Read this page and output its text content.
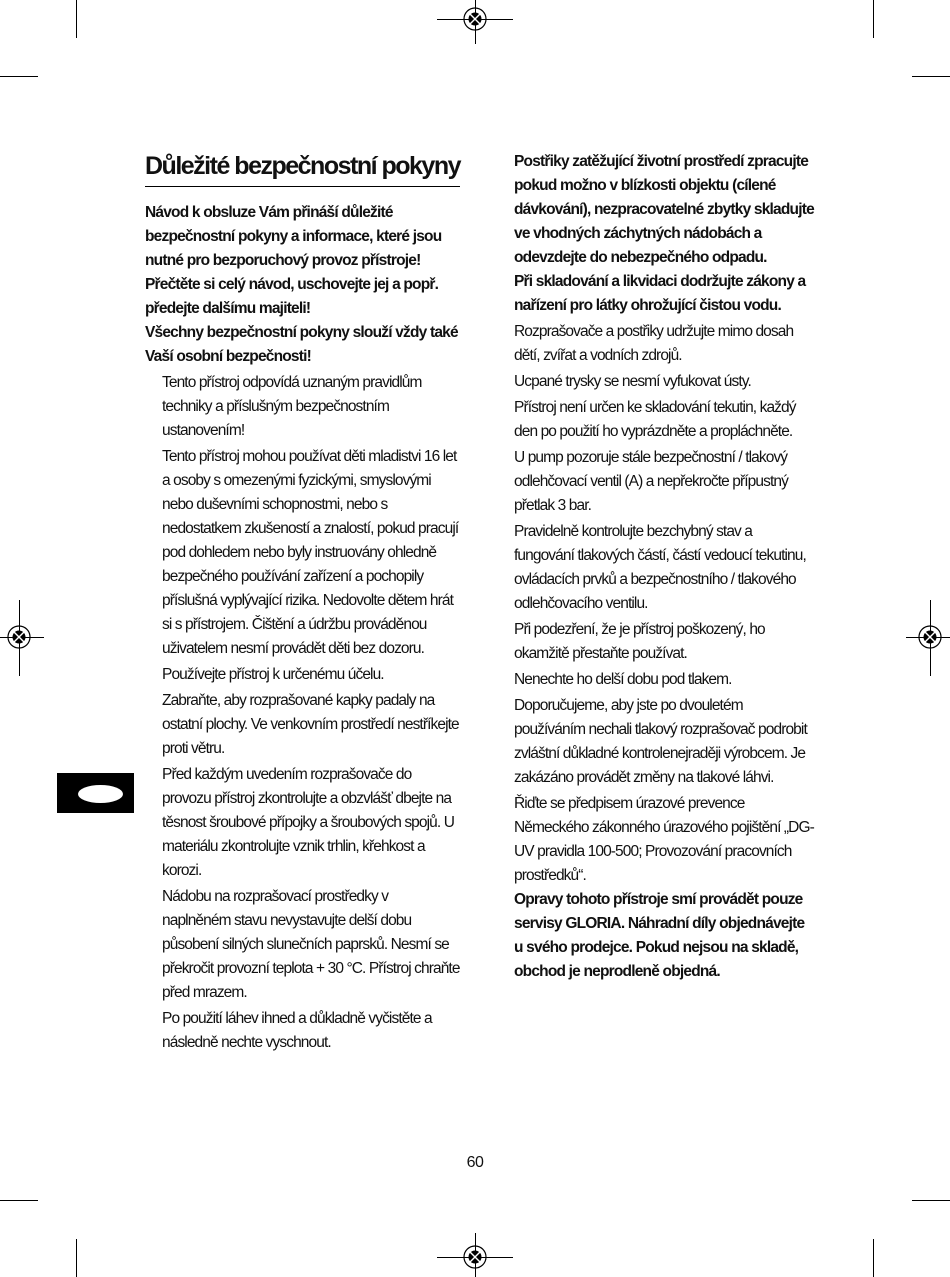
Důležité bezpečnostní pokyny

Návod k obsluze Vám přináší důležité bezpečnostní pokyny a informace, které jsou nutné pro bezporuchový provoz přístroje!

Přečtěte si celý návod, uschovejte jej a popř. předejte dalšímu majiteli!

Všechny bezpečnostní pokyny slouží vždy také Vaší osobní bezpečnosti!

Tento přístroj odpovídá uznaným pravidlům techniky a příslušným bezpečnostním ustanovením!

Tento přístroj mohou používat děti mladistvi 16 let a osoby s omezenými fyzickými, smyslovými nebo duševními schopnostmi, nebo s nedostatkem zkušeností a znalostí, pokud pracují pod dohledem nebo byly instruovány ohledně bezpečného používání zařízení a pochopily příslušná vyplývající rizika. Nedovolte dětem hrát si s přístrojem. Čištění a údržbu prováděnou uživatelem nesmí provádět děti bez dozoru.

Používejte přístroj k určenému účelu.

Zabraňte, aby rozprašované kapky padaly na ostatní plochy. Ve venkovním prostředí nestříkejte proti větru.

Před každým uvedením rozprašovače do provozu přístroj zkontrolujte a obzvlášť dbejte na těsnost šroubové přípojky a šroubových spojů. U materiálu zkontrolujte vznik trhlin, křehkost a korozi.

Nádobu na rozprašovací prostředky v naplněném stavu nevystavujte delší dobu působení silných slunečních paprsků. Nesmí se překročit provozní teplota + 30 °C. Přístroj chraňte před mrazem.

Po použití láhev ihned a důkladně vyčistěte a následně nechte vyschnout.

Postřiky zatěžující životní prostředí zpracujte pokud možno v blízkosti objektu (cílené dávkování), nezpracovatelné zbytky skladujte ve vhodných záchytných nádobách a odevzdejte do nebezpečného odpadu.

Při skladování a likvidaci dodržujte zákony a nařízení pro látky ohrožující čistou vodu.

Rozprašovače a postřiky udržujte mimo dosah dětí, zvířat a vodních zdrojů.

Ucpané trysky se nesmí vyfukovat ústy.

Přístroj není určen ke skladování tekutin, každý den po použití ho vyprázdněte a propláchněte.

U pump pozoruje stále bezpečnostní / tlakový odlehčovací ventil (A) a nepřekročte přípustný přetlak 3 bar.

Pravidelně kontrolujte bezchybný stav a fungování tlakových částí, částí vedoucí tekutinu, ovládacích prvků a bezpečnostního / tlakového odlehčovacího ventilu.

Při podezření, že je přístroj poškozený, ho okamžitě přestaňte používat.

Nenechte ho delší dobu pod tlakem.

Doporučujeme, aby jste po dvouletém používáním nechali tlakový rozprašovač podrobit zvláštní důkladné kontrolenejraději výrobcem. Je zakázáno provádět změny na tlakové láhvi.

Řiďte se předpisem úrazové prevence Německého zákonného úrazového pojištění „DG-UV pravidla 100-500; Provozování pracovních prostředků“.

Opravy tohoto přístroje smí provádět pouze servisy GLORIA. Náhradní díly objednávejte u svého prodejce. Pokud nejsou na skladě, obchod je neprodleně objedná.

60
